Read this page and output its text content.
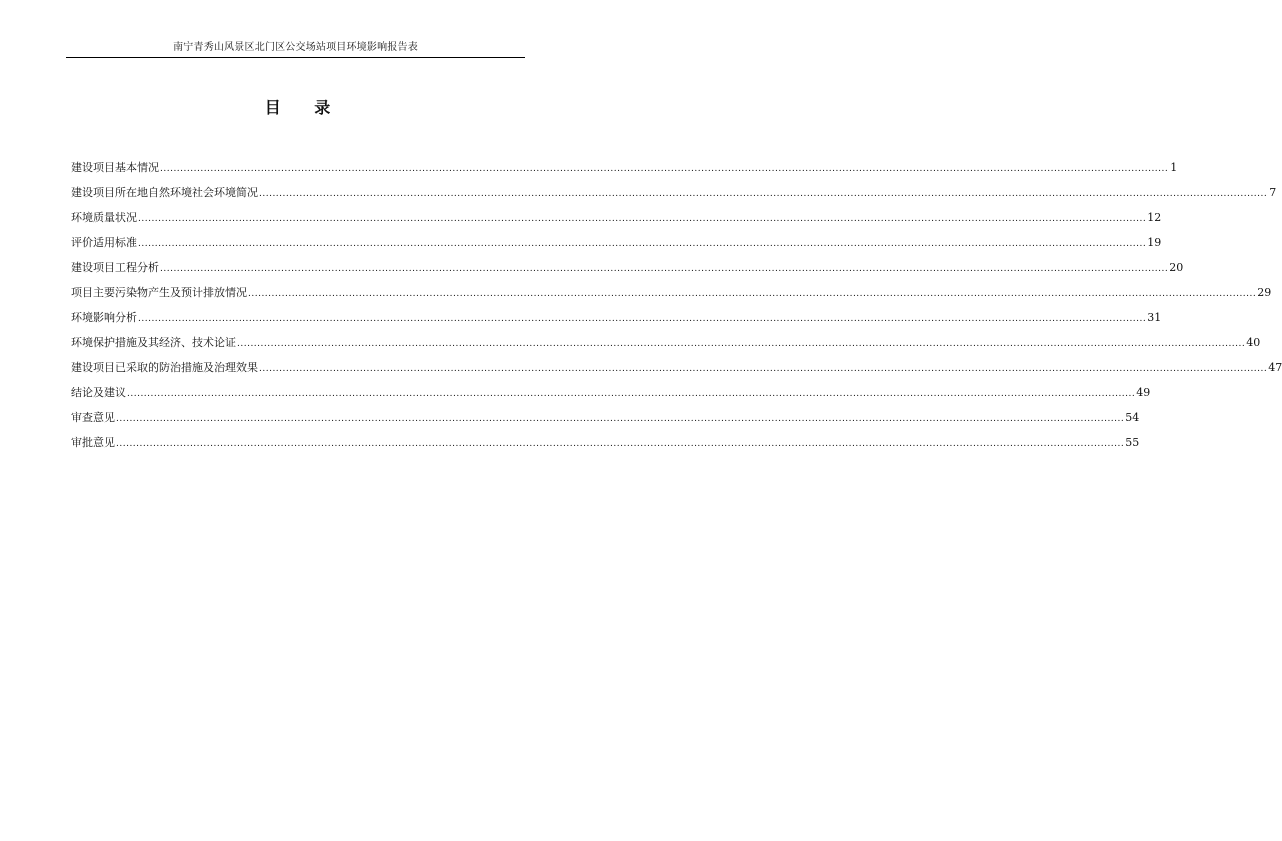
南宁青秀山风景区北门区公交场站项目环境影响报告表
目 录
建设项目基本情况 ............................................................................................................................................................................................................................................................................................................ 1
建设项目所在地自然环境社会环境简况 ............................................................................................................................................................................................................................................................................................................ 7
环境质量状况 ............................................................................................................................................................................................................................................................................................................ 12
评价适用标准 ............................................................................................................................................................................................................................................................................................................ 19
建设项目工程分析 ............................................................................................................................................................................................................................................................................................................ 20
项目主要污染物产生及预计排放情况 ............................................................................................................................................................................................................................................................................................................ 29
环境影响分析 ............................................................................................................................................................................................................................................................................................................ 31
环境保护措施及其经济、技术论证 ............................................................................................................................................................................................................................................................................................................ 40
建设项目已采取的防治措施及治理效果 ............................................................................................................................................................................................................................................................................................................ 47
结论及建议 ............................................................................................................................................................................................................................................................................................................ 49
审查意见 ............................................................................................................................................................................................................................................................................................................ 54
审批意见 ............................................................................................................................................................................................................................................................................................................ 55
